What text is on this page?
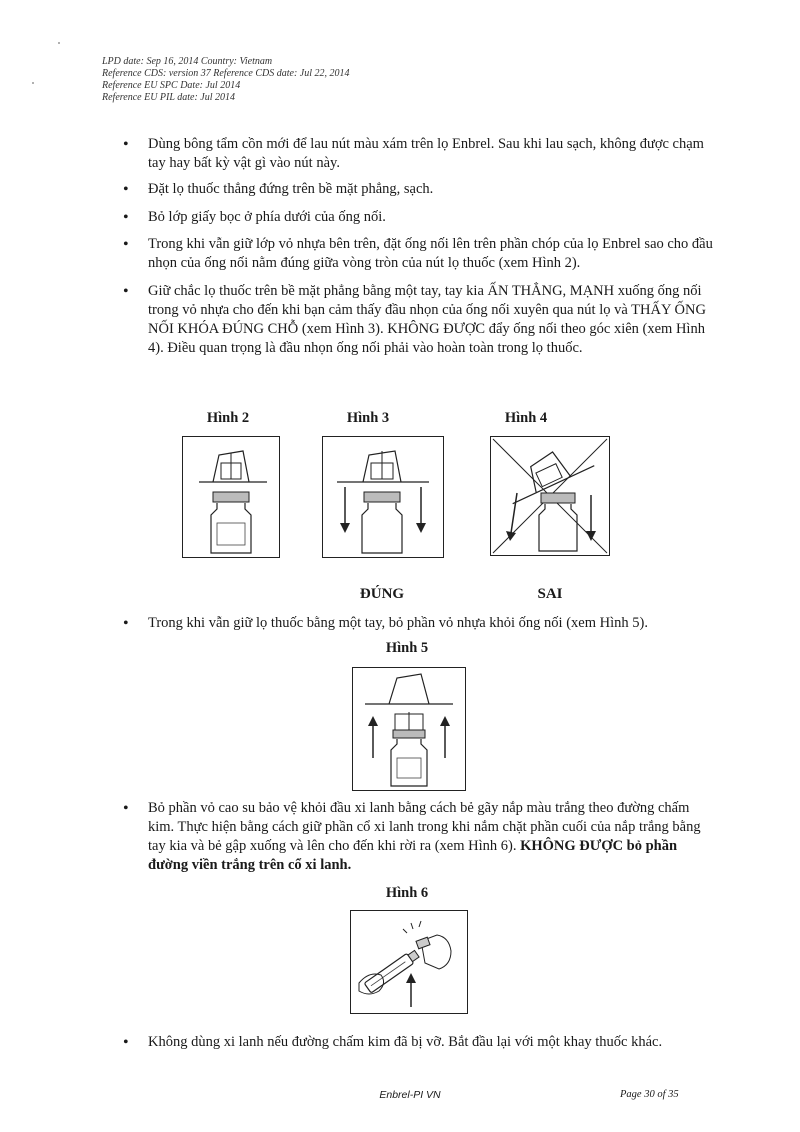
LPD date: Sep 16, 2014 Country: Vietnam
Reference CDS: version 37 Reference CDS date: Jul 22, 2014
Reference EU SPC Date: Jul 2014
Reference EU PIL date: Jul 2014
• Dùng bông tẩm cồn mới để lau nút màu xám trên lọ Enbrel. Sau khi lau sạch, không được chạm tay hay bất kỳ vật gì vào nút này.
• Đặt lọ thuốc thẳng đứng trên bề mặt phẳng, sạch.
• Bỏ lớp giấy bọc ở phía dưới của ống nối.
• Trong khi vẫn giữ lớp vỏ nhựa bên trên, đặt ống nối lên trên phần chóp của lọ Enbrel sao cho đầu nhọn của ống nối nằm đúng giữa vòng tròn của nút lọ thuốc (xem Hình 2).
• Giữ chắc lọ thuốc trên bề mặt phẳng bằng một tay, tay kia ẤN THẲNG, MẠNH xuống ống nối trong vỏ nhựa cho đến khi bạn cảm thấy đầu nhọn của ống nối xuyên qua nút lọ và THẤY ỐNG NỐI KHÓA ĐÚNG CHỖ (xem Hình 3). KHÔNG ĐƯỢC đẩy ống nối theo góc xiên (xem Hình 4). Điều quan trọng là đầu nhọn ống nối phải vào hoàn toàn trong lọ thuốc.
Hình 2	Hình 3	Hình 4
ĐÚNG	SAI
• Trong khi vẫn giữ lọ thuốc bằng một tay, bỏ phần vỏ nhựa khỏi ống nối (xem Hình 5).
Hình 5
• Bỏ phần vỏ cao su bảo vệ khỏi đầu xi lanh bằng cách bẻ gãy nắp màu trắng theo đường chấm kim. Thực hiện bằng cách giữ phần cổ xi lanh trong khi nắm chặt phần cuối của nắp trắng bằng tay kia và bẻ gập xuống và lên cho đến khi rời ra (xem Hình 6). KHÔNG ĐƯỢC bỏ phần đường viền trắng trên cổ xi lanh.
Hình 6
• Không dùng xi lanh nếu đường chấm kim đã bị vỡ. Bắt đầu lại với một khay thuốc khác.
Enbrel-PI VN	Page 30 of 35
